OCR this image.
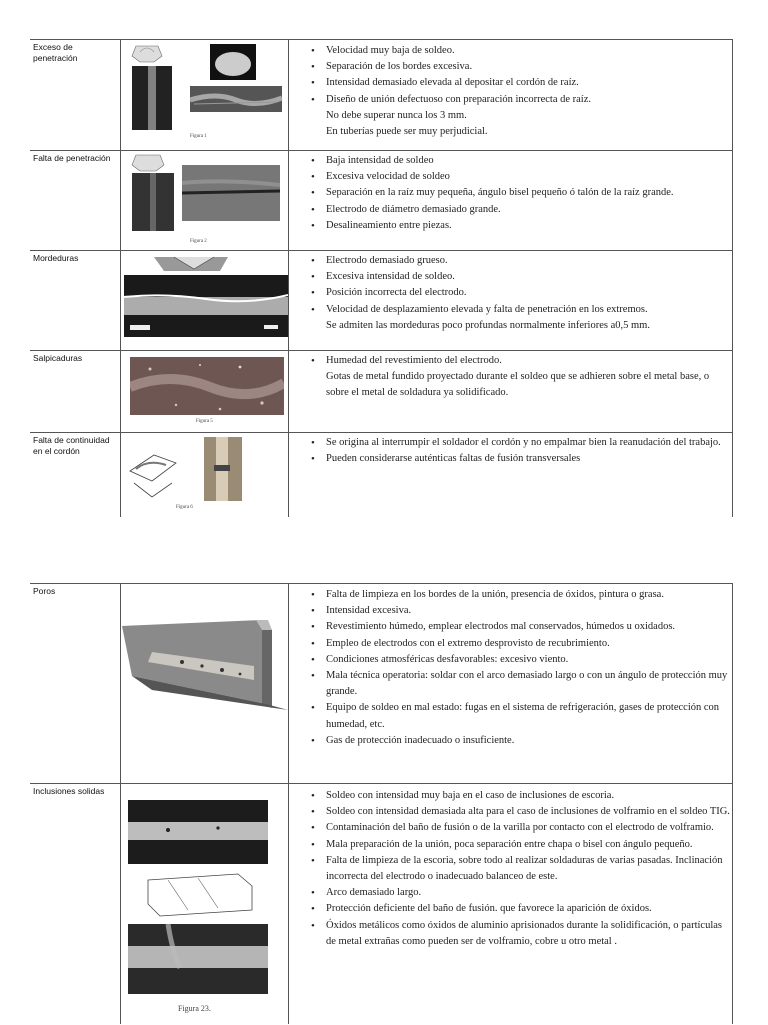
Exceso de penetración
Figura 1
• Velocidad muy baja de soldeo.
• Separación de los bordes excesiva.
• Intensidad demasiado elevada al depositar el cordón de raíz.
• Diseño de unión defectuoso con preparación incorrecta de raíz.
No debe superar nunca los 3 mm.
En tuberías puede ser muy perjudicial.
Falta de penetración
Figura 2
• Baja intensidad de soldeo
• Excesiva velocidad de soldeo
• Separación en la raíz muy pequeña, ángulo bisel pequeño ó talón de la raíz grande.
• Electrodo de diámetro demasiado grande.
• Desalineamiento entre piezas.
Mordeduras	• Electrodo demasiado grueso.
• Excesiva intensidad de soldeo.
• Posición incorrecta del electrodo.
• Velocidad de desplazamiento elevada y falta de penetración en los extremos.
Se admiten las mordeduras poco profundas normalmente inferiores a0,5 mm.
Salpicaduras
Figura 5
• Humedad del revestimiento del electrodo.
Gotas de metal fundido proyectado durante el soldeo que se adhieren sobre el metal base, o sobre el metal de soldadura ya solidificado.
Falta de continuidad en el cordón
Figura 6
• Se origina al interrumpir el soldador el cordón y no empalmar bien la reanudación del trabajo.
• Pueden considerarse auténticas faltas de fusión transversales
Poros	• Falta de limpieza en los bordes de la unión, presencia de óxidos, pintura o grasa.
• Intensidad excesiva.
• Revestimiento húmedo, emplear electrodos mal conservados, húmedos u oxidados.
• Empleo de electrodos con el extremo desprovisto de recubrimiento.
• Condiciones atmosféricas desfavorables: excesivo viento.
• Mala técnica operatoria: soldar con el arco demasiado largo o con un ángulo de protección muy grande.
• Equipo de soldeo en mal estado: fugas en el sistema de refrigeración, gases de protección con humedad, etc.
• Gas de protección inadecuado o insuficiente.
Inclusiones solidas
Figura 23.
• Soldeo con intensidad muy baja en el caso de inclusiones de escoria.
• Soldeo con intensidad demasiada alta para el caso de inclusiones de volframio en el soldeo TIG.
• Contaminación del baño de fusión o de la varilla por contacto con el electrodo de volframio.
• Mala preparación de la unión, poca separación entre chapa o bisel con ángulo pequeño.
• Falta de limpieza de la escoria, sobre todo al realizar soldaduras de varias pasadas. Inclinación incorrecta del electrodo o inadecuado balanceo de este.
• Arco demasiado largo.
• Protección deficiente del baño de fusión. que favorece la aparición de óxidos.
• Óxidos metálicos como óxidos de aluminio aprisionados durante la solidificación, o partículas de metal extrañas como pueden ser de volframio, cobre u otro metal .
